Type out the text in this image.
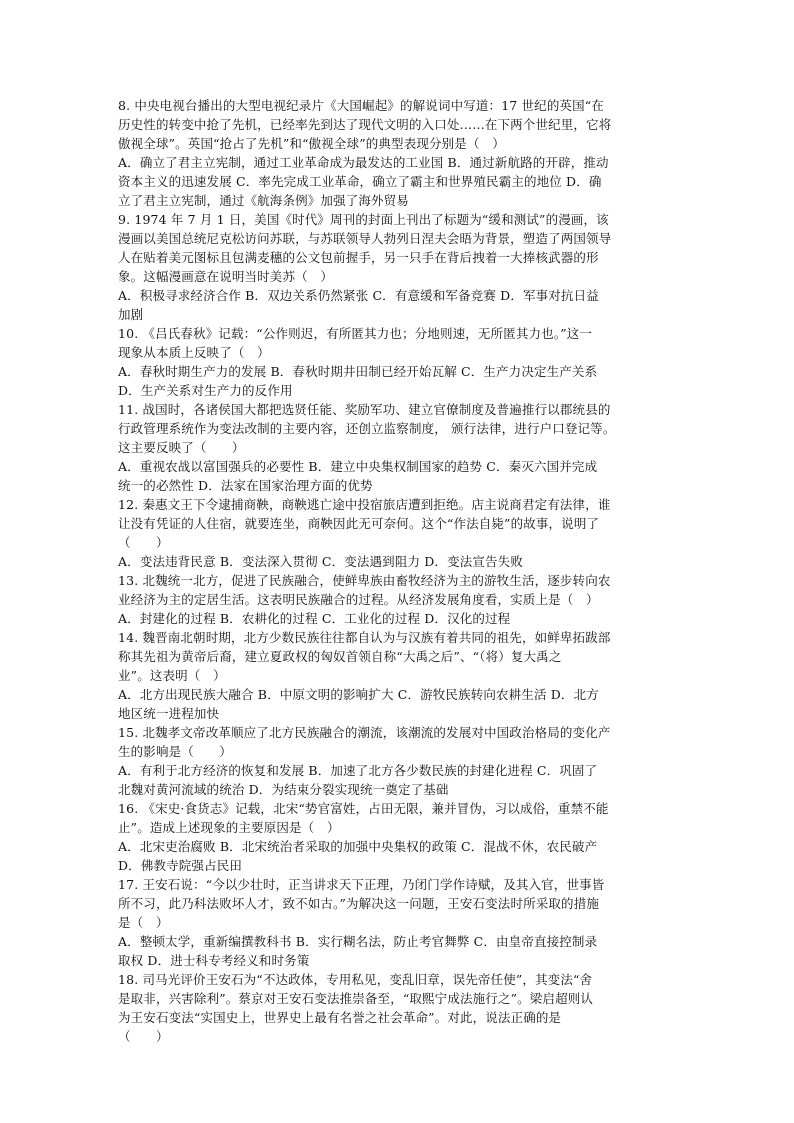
8. 中央电视台播出的大型电视纪录片《大国崛起》的解说词中写道：17 世纪的英国“在
历史性的转变中抢了先机，已经率先到达了现代文明的入口处……在下两个世纪里，它将
傲视全球”。英国“抢占了先机”和“傲视全球”的典型表现分别是（　）
A．确立了君主立宪制，通过工业革命成为最发达的工业国 B．通过新航路的开辟，推动
资本主义的迅速发展 C．率先完成工业革命，确立了霸主和世界殖民霸主的地位 D．确
立了君主立宪制，通过《航海条例》加强了海外贸易
9. 1974 年 7 月 1 日，美国《时代》周刊的封面上刊出了标题为“缓和测试”的漫画，该
漫画以美国总统尼克松访问苏联，与苏联领导人勃列日涅夫会晤为背景，塑造了两国领导
人在贴着美元图标且包满麦穗的公文包前握手，另一只手在背后拽着一大捧核武器的形
象。这幅漫画意在说明当时美苏（　）
A．积极寻求经济合作 B．双边关系仍然紧张 C．有意缓和军备竞赛 D．军事对抗日益
加剧
10. 《吕氏春秋》记载：“公作则迟，有所匿其力也；分地则速，无所匿其力也。”这一
现象从本质上反映了（　）
A．春秋时期生产力的发展 B．春秋时期井田制已经开始瓦解 C．生产力决定生产关系
D．生产关系对生产力的反作用
11. 战国时，各诸侯国大都把选贤任能、奖励军功、建立官僚制度及普遍推行以郡统县的
行政管理系统作为变法改制的主要内容，还创立监察制度， 颁行法律，进行户口登记等。
这主要反映了（　　）
A．重视农战以富国强兵的必要性 B．建立中央集权制国家的趋势 C．秦灭六国并完成
统一的必然性 D．法家在国家治理方面的优势
12. 秦惠文王下令逮捕商鞅，商鞅逃亡途中投宿旅店遭到拒绝。店主说商君定有法律，谁
让没有凭证的人住宿，就要连坐，商鞅因此无可奈何。这个“作法自毙”的故事，说明了
（　　）
A．变法违背民意 B．变法深入贯彻 C．变法遇到阻力 D．变法宣告失败
13. 北魏统一北方，促进了民族融合，使鲜卑族由畜牧经济为主的游牧生活，逐步转向农
业经济为主的定居生活。这表明民族融合的过程。从经济发展角度看，实质上是（　）
A．封建化的过程 B．农耕化的过程 C．工业化的过程 D．汉化的过程
14. 魏晋南北朝时期，北方少数民族往往都自认为与汉族有着共同的祖先，如鲜卑拓跋部
称其先祖为黄帝后裔，建立夏政权的匈奴首领自称“大禹之后”、“（将）复大禹之
业”。这表明（　）
A．北方出现民族大融合 B．中原文明的影响扩大 C．游牧民族转向农耕生活 D．北方
地区统一进程加快
15. 北魏孝文帝改革顺应了北方民族融合的潮流，该潮流的发展对中国政治格局的变化产
生的影响是（　　）
A．有利于北方经济的恢复和发展 B．加速了北方各少数民族的封建化进程 C．巩固了
北魏对黄河流域的统治 D．为结束分裂实现统一奠定了基础
16. 《宋史·食货志》记载，北宋“势官富姓，占田无限，兼并冒伪，习以成俗，重禁不能
止”。造成上述现象的主要原因是（　）
A．北宋吏治腐败 B．北宋统治者采取的加强中央集权的政策 C．混战不休，农民破产
D．佛教寺院强占民田
17. 王安石说：“今以少壮时，正当讲求天下正理，乃闭门学作诗赋，及其入官，世事皆
所不习，此乃科法败坏人才，致不如古。”为解决这一问题，王安石变法时所采取的措施
是（　）
A．整顿太学，重新编撰教科书 B．实行糊名法，防止考官舞弊 C．由皇帝直接控制录
取权 D．进士科专考经义和时务策
18. 司马光评价王安石为“不达政体，专用私见，变乱旧章，误先帝任使”，其变法“舍
是取非，兴害除利”。蔡京对王安石变法推崇备至，“取熙宁成法施行之”。梁启超则认
为王安石变法“实国史上，世界史上最有名誉之社会革命”。对此，说法正确的是
（　　）
